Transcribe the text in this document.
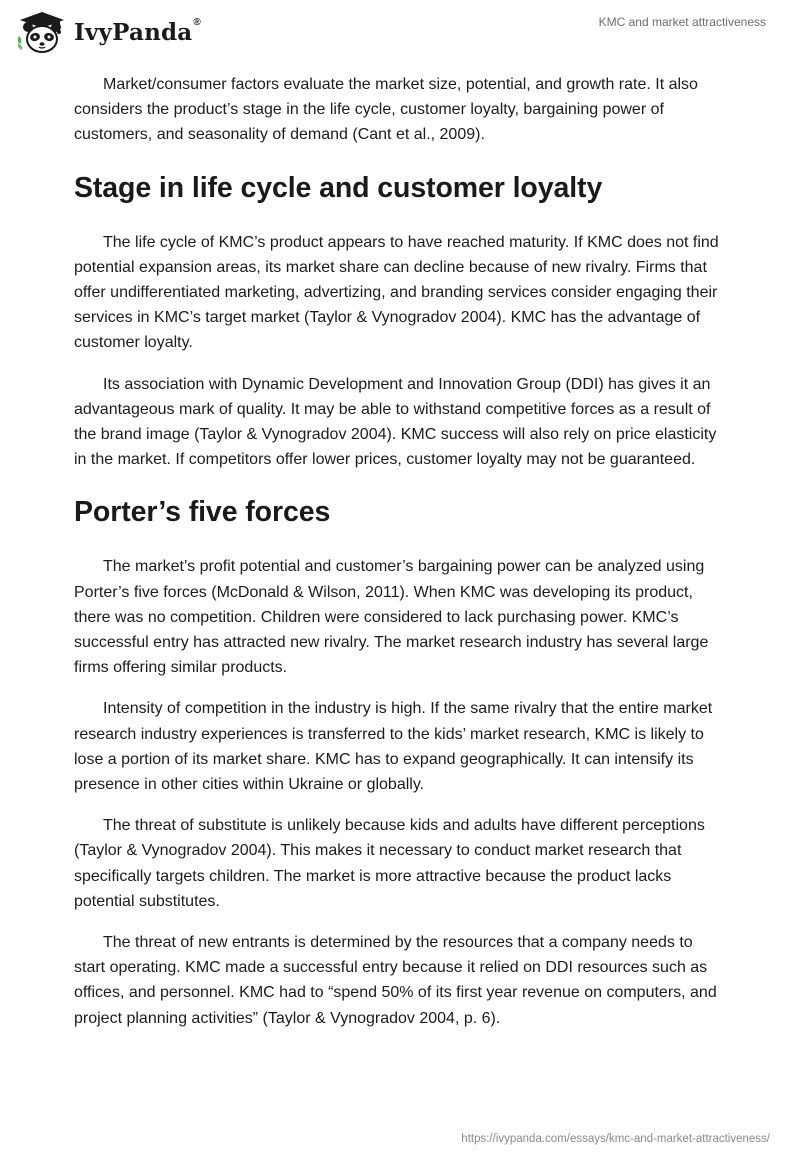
IvyPanda®	KMC and market attractiveness

Market/consumer factors evaluate the market size, potential, and growth rate. It also considers the product’s stage in the life cycle, customer loyalty, bargaining power of customers, and seasonality of demand (Cant et al., 2009).

Stage in life cycle and customer loyalty

The life cycle of KMC’s product appears to have reached maturity. If KMC does not find potential expansion areas, its market share can decline because of new rivalry. Firms that offer undifferentiated marketing, advertizing, and branding services consider engaging their services in KMC’s target market (Taylor & Vynogradov 2004). KMC has the advantage of customer loyalty.

Its association with Dynamic Development and Innovation Group (DDI) has gives it an advantageous mark of quality. It may be able to withstand competitive forces as a result of the brand image (Taylor & Vynogradov 2004). KMC success will also rely on price elasticity in the market. If competitors offer lower prices, customer loyalty may not be guaranteed.

Porter’s five forces

The market’s profit potential and customer’s bargaining power can be analyzed using Porter’s five forces (McDonald & Wilson, 2011). When KMC was developing its product, there was no competition. Children were considered to lack purchasing power. KMC’s successful entry has attracted new rivalry. The market research industry has several large firms offering similar products.

Intensity of competition in the industry is high. If the same rivalry that the entire market research industry experiences is transferred to the kids’ market research, KMC is likely to lose a portion of its market share. KMC has to expand geographically. It can intensify its presence in other cities within Ukraine or globally.

The threat of substitute is unlikely because kids and adults have different perceptions (Taylor & Vynogradov 2004). This makes it necessary to conduct market research that specifically targets children. The market is more attractive because the product lacks potential substitutes.

The threat of new entrants is determined by the resources that a company needs to start operating. KMC made a successful entry because it relied on DDI resources such as offices, and personnel. KMC had to “spend 50% of its first year revenue on computers, and project planning activities” (Taylor & Vynogradov 2004, p. 6).

https://ivypanda.com/essays/kmc-and-market-attractiveness/
